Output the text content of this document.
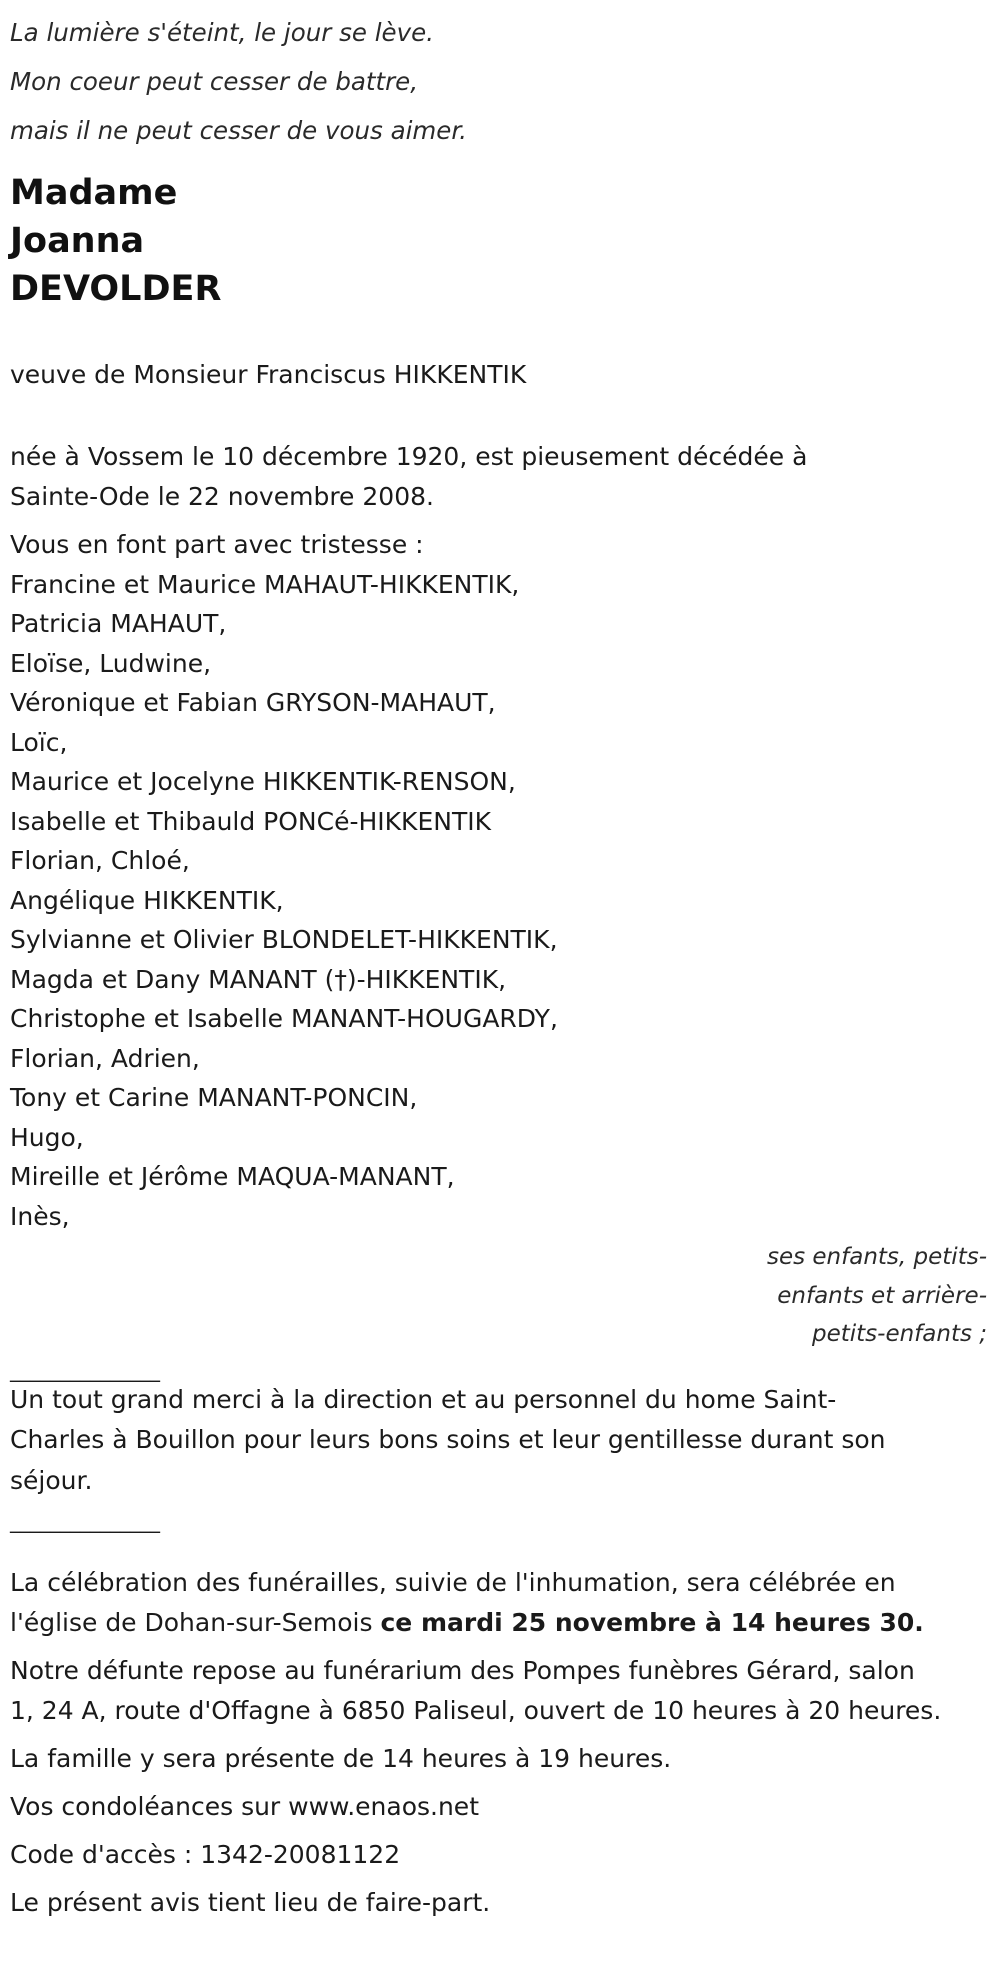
La lumière s'éteint, le jour se lève.
Mon coeur peut cesser de battre,
mais il ne peut cesser de vous aimer.
Madame
Joanna
DEVOLDER
veuve de Monsieur Franciscus HIKKENTIK
née à Vossem le 10 décembre 1920, est pieusement décédée à
Sainte-Ode le 22 novembre 2008.
Vous en font part avec tristesse :
Francine et Maurice MAHAUT-HIKKENTIK,
Patricia MAHAUT,
Eloïse, Ludwine,
Véronique et Fabian GRYSON-MAHAUT,
Loïc,
Maurice et Jocelyne HIKKENTIK-RENSON,
Isabelle et Thibauld PONCé-HIKKENTIK
Florian, Chloé,
Angélique HIKKENTIK,
Sylvianne et Olivier BLONDELET-HIKKENTIK,
Magda et Dany MANANT (†)-HIKKENTIK,
Christophe et Isabelle MANANT-HOUGARDY,
Florian, Adrien,
Tony et Carine MANANT-PONCIN,
Hugo,
Mireille et Jérôme MAQUA-MANANT,
Inès,
ses enfants, petits-
enfants et arrière-
petits-enfants ;
_______________
Un tout grand merci à la direction et au personnel du home Saint-
Charles à Bouillon pour leurs bons soins et leur gentillesse durant son
séjour.
_______________
La célébration des funérailles, suivie de l'inhumation, sera célébrée en
l'église de Dohan-sur-Semois ce mardi 25 novembre à 14 heures 30.
Notre défunte repose au funérarium des Pompes funèbres Gérard, salon
1, 24 A, route d'Offagne à 6850 Paliseul, ouvert de 10 heures à 20 heures.
La famille y sera présente de 14 heures à 19 heures.
Vos condoléances sur www.enaos.net
Code d'accès : 1342-20081122
Le présent avis tient lieu de faire-part.
